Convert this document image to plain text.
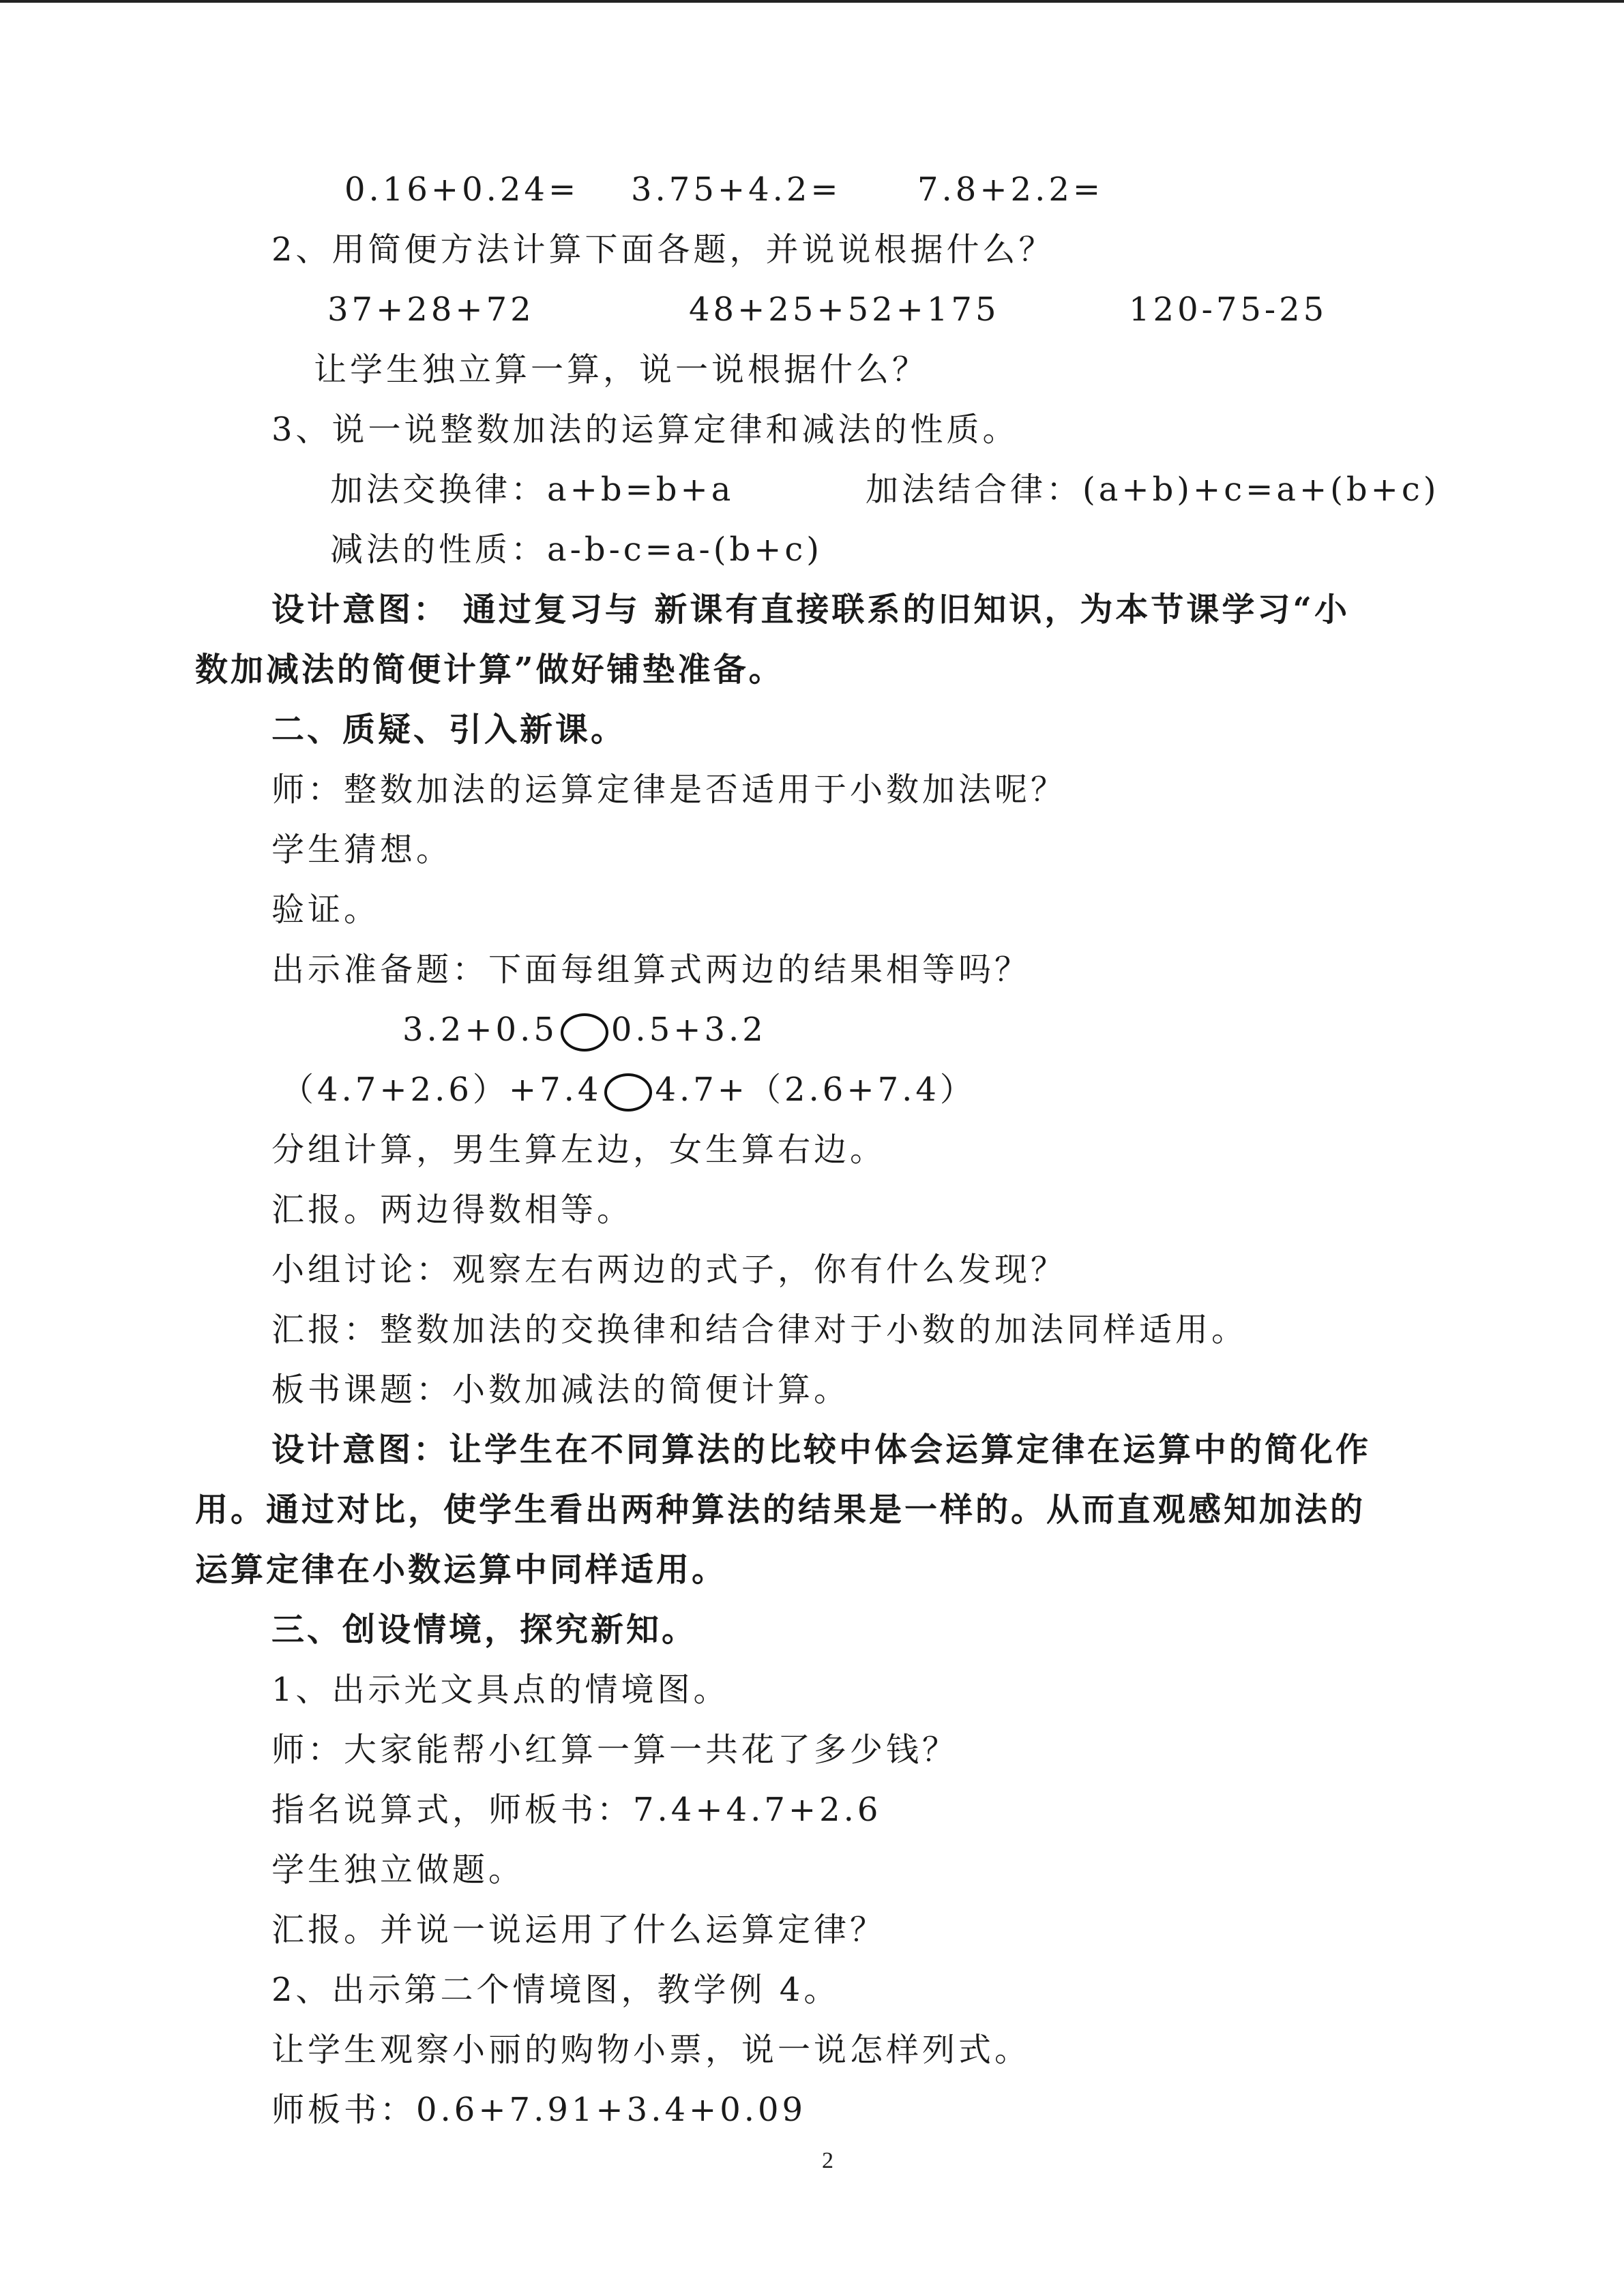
0.16+0.24= 3.75+4.2= 7.8+2.2=
2、用简便方法计算下面各题，并说说根据什么？
37+28+72	48+25+52+175	120-75-25
让学生独立算一算，说一说根据什么？
3、说一说整数加法的运算定律和减法的性质。
加法交换律：a+b=b+a	加法结合律：(a+b)+c=a+(b+c)
减法的性质：a-b-c=a-(b+c)
设计意图： 通过复习与 新课有直接联系的旧知识，为本节课学习“小
数加减法的简便计算”做好铺垫准备。
二、质疑、引入新课。
师：整数加法的运算定律是否适用于小数加法呢？
学生猜想。
验证。
出示准备题：下面每组算式两边的结果相等吗？
3.2+0.5 0.5+3.2
（4.7+2.6）+7.4 4.7+（2.6+7.4）
分组计算，男生算左边，女生算右边。
汇报。两边得数相等。
小组讨论：观察左右两边的式子，你有什么发现？
汇报：整数加法的交换律和结合律对于小数的加法同样适用。
板书课题：小数加减法的简便计算。
设计意图：让学生在不同算法的比较中体会运算定律在运算中的简化作
用。通过对比，使学生看出两种算法的结果是一样的。从而直观感知加法的
运算定律在小数运算中同样适用。
三、创设情境，探究新知。
1、出示光文具点的情境图。
师：大家能帮小红算一算一共花了多少钱？
指名说算式，师板书：7.4+4.7+2.6
学生独立做题。
汇报。并说一说运用了什么运算定律？
2、出示第二个情境图，教学例 4。
让学生观察小丽的购物小票，说一说怎样列式。
师板书：0.6+7.91+3.4+0.09
2
